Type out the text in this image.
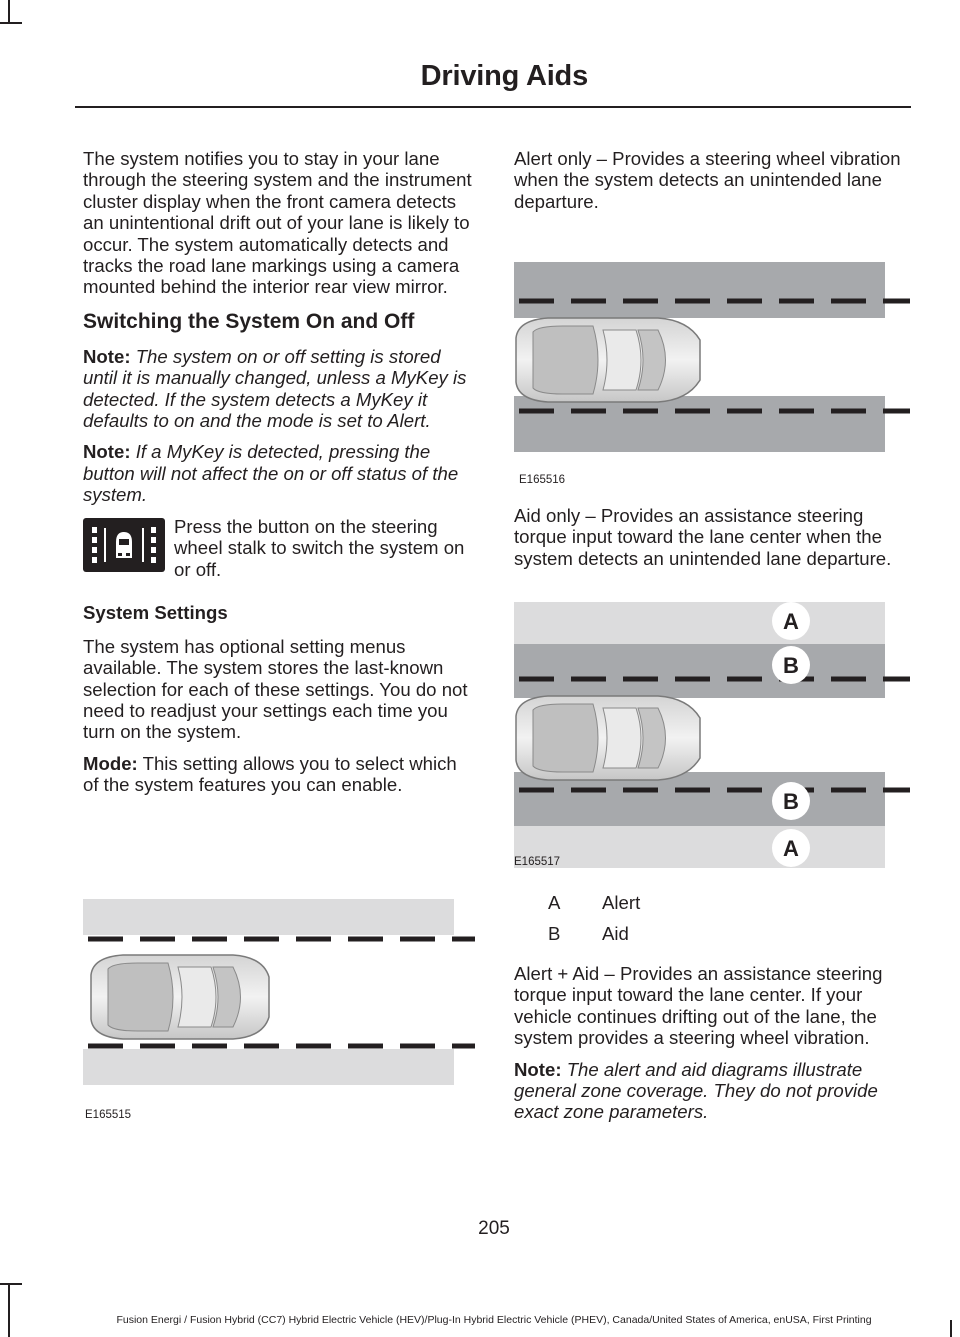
Driving Aids

The system notifies you to stay in your lane through the steering system and the instrument cluster display when the front camera detects an unintentional drift out of your lane is likely to occur. The system automatically detects and tracks the road lane markings using a camera mounted behind the interior rear view mirror.

Switching the System On and Off

Note: The system on or off setting is stored until it is manually changed, unless a MyKey is detected. If the system detects a MyKey it defaults to on and the mode is set to Alert.

Note: If a MyKey is detected, pressing the button will not affect the on or off status of the system.

Press the button on the steering wheel stalk to switch the system on or off.
System Settings

The system has optional setting menus available. The system stores the last-known selection for each of these settings. You do not need to readjust your settings each time you turn on the system.

Mode: This setting allows you to select which of the system features you can enable.

Alert only – Provides a steering wheel vibration when the system detects an unintended lane departure.

Aid only – Provides an assistance steering torque input toward the lane center when the system detects an unintended lane departure.

A Alert
B Aid

Alert + Aid – Provides an assistance steering torque input toward the lane center. If your vehicle continues drifting out of the lane, the system provides a steering wheel vibration.

Note: The alert and aid diagrams illustrate general zone coverage. They do not provide exact zone parameters.

E165515
E165516
A
B
B
A
E165517
205
Fusion Energi / Fusion Hybrid (CC7) Hybrid Electric Vehicle (HEV)/Plug-In Hybrid Electric Vehicle (PHEV), Canada/United States of America, enUSA, First Printing
